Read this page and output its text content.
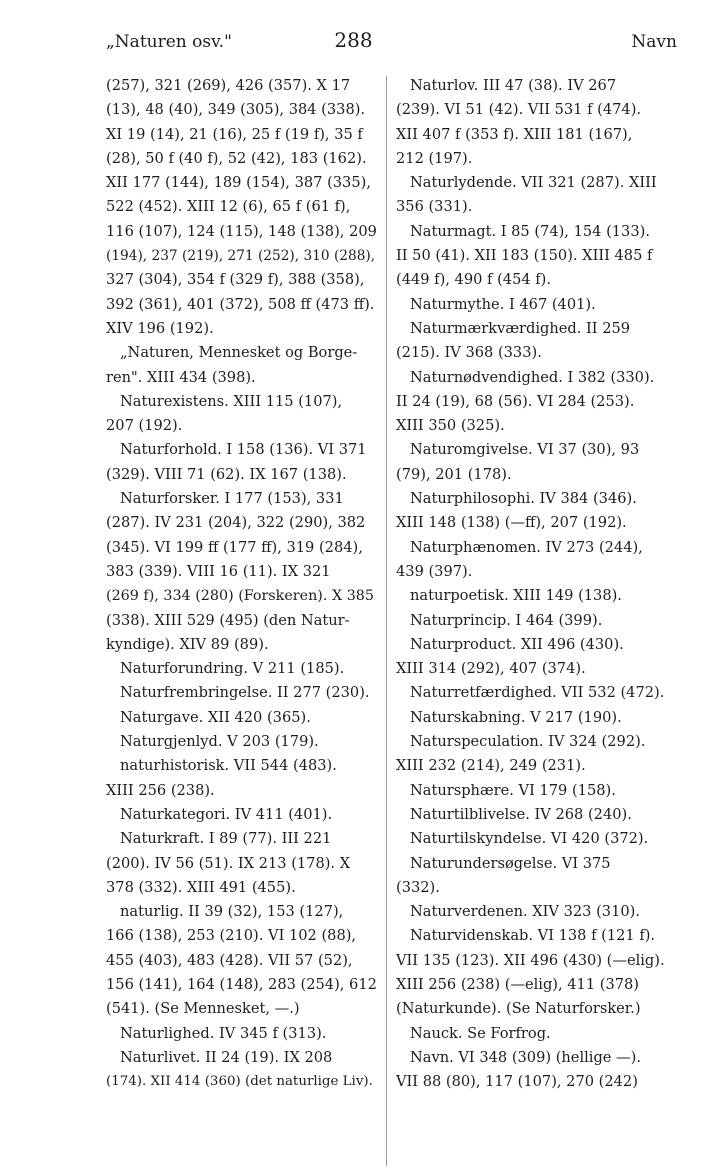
„Naturen osv."	288	Navn
(257), 321 (269), 426 (357). X 17
(13), 48 (40), 349 (305), 384 (338).
XI 19 (14), 21 (16), 25 f (19 f), 35 f
(28), 50 f (40 f), 52 (42), 183 (162).
XII 177 (144), 189 (154), 387 (335),
522 (452). XIII 12 (6), 65 f (61 f),
116 (107), 124 (115), 148 (138), 209
(194), 237 (219), 271 (252), 310 (288),
327 (304), 354 f (329 f), 388 (358),
392 (361), 401 (372), 508 ff (473 ff).
XIV 196 (192).
„Naturen, Mennesket og Borge-
ren". XIII 434 (398).
Naturexistens. XIII 115 (107),
207 (192).
Naturforhold. I 158 (136). VI 371
(329). VIII 71 (62). IX 167 (138).
Naturforsker. I 177 (153), 331
(287). IV 231 (204), 322 (290), 382
(345). VI 199 ff (177 ff), 319 (284),
383 (339). VIII 16 (11). IX 321
(269 f), 334 (280) (Forskeren). X 385
(338). XIII 529 (495) (den Natur-
kyndige). XIV 89 (89).
Naturforundring. V 211 (185).
Naturfrembringelse. II 277 (230).
Naturgave. XII 420 (365).
Naturgjenlyd. V 203 (179).
naturhistorisk. VII 544 (483).
XIII 256 (238).
Naturkategori. IV 411 (401).
Naturkraft. I 89 (77). III 221
(200). IV 56 (51). IX 213 (178). X
378 (332). XIII 491 (455).
naturlig. II 39 (32), 153 (127),
166 (138), 253 (210). VI 102 (88),
455 (403), 483 (428). VII 57 (52),
156 (141), 164 (148), 283 (254), 612
(541). (Se Mennesket, —.)
Naturlighed. IV 345 f (313).
Naturlivet. II 24 (19). IX 208
(174). XII 414 (360) (det naturlige Liv).
Naturlov. III 47 (38). IV 267
(239). VI 51 (42). VII 531 f (474).
XII 407 f (353 f). XIII 181 (167),
212 (197).
Naturlydende. VII 321 (287). XIII
356 (331).
Naturmagt. I 85 (74), 154 (133).
II 50 (41). XII 183 (150). XIII 485 f
(449 f), 490 f (454 f).
Naturmythe. I 467 (401).
Naturmærkværdighed. II 259
(215). IV 368 (333).
Naturnødvendighed. I 382 (330).
II 24 (19), 68 (56). VI 284 (253).
XIII 350 (325).
Naturomgivelse. VI 37 (30), 93
(79), 201 (178).
Naturphilosophi. IV 384 (346).
XIII 148 (138) (—ff), 207 (192).
Naturphænomen. IV 273 (244),
439 (397).
naturpoetisk. XIII 149 (138).
Naturprincip. I 464 (399).
Naturproduct. XII 496 (430).
XIII 314 (292), 407 (374).
Naturretfærdighed. VII 532 (472).
Naturskabning. V 217 (190).
Naturspeculation. IV 324 (292).
XIII 232 (214), 249 (231).
Natursphære. VI 179 (158).
Naturtilblivelse. IV 268 (240).
Naturtilskyndelse. VI 420 (372).
Naturundersøgelse. VI 375
(332).
Naturverdenen. XIV 323 (310).
Naturvidenskab. VI 138 f (121 f).
VII 135 (123). XII 496 (430) (—elig).
XIII 256 (238) (—elig), 411 (378)
(Naturkunde). (Se Naturforsker.)
Nauck. Se Forfrog.
Navn. VI 348 (309) (hellige —).
VII 88 (80), 117 (107), 270 (242)
